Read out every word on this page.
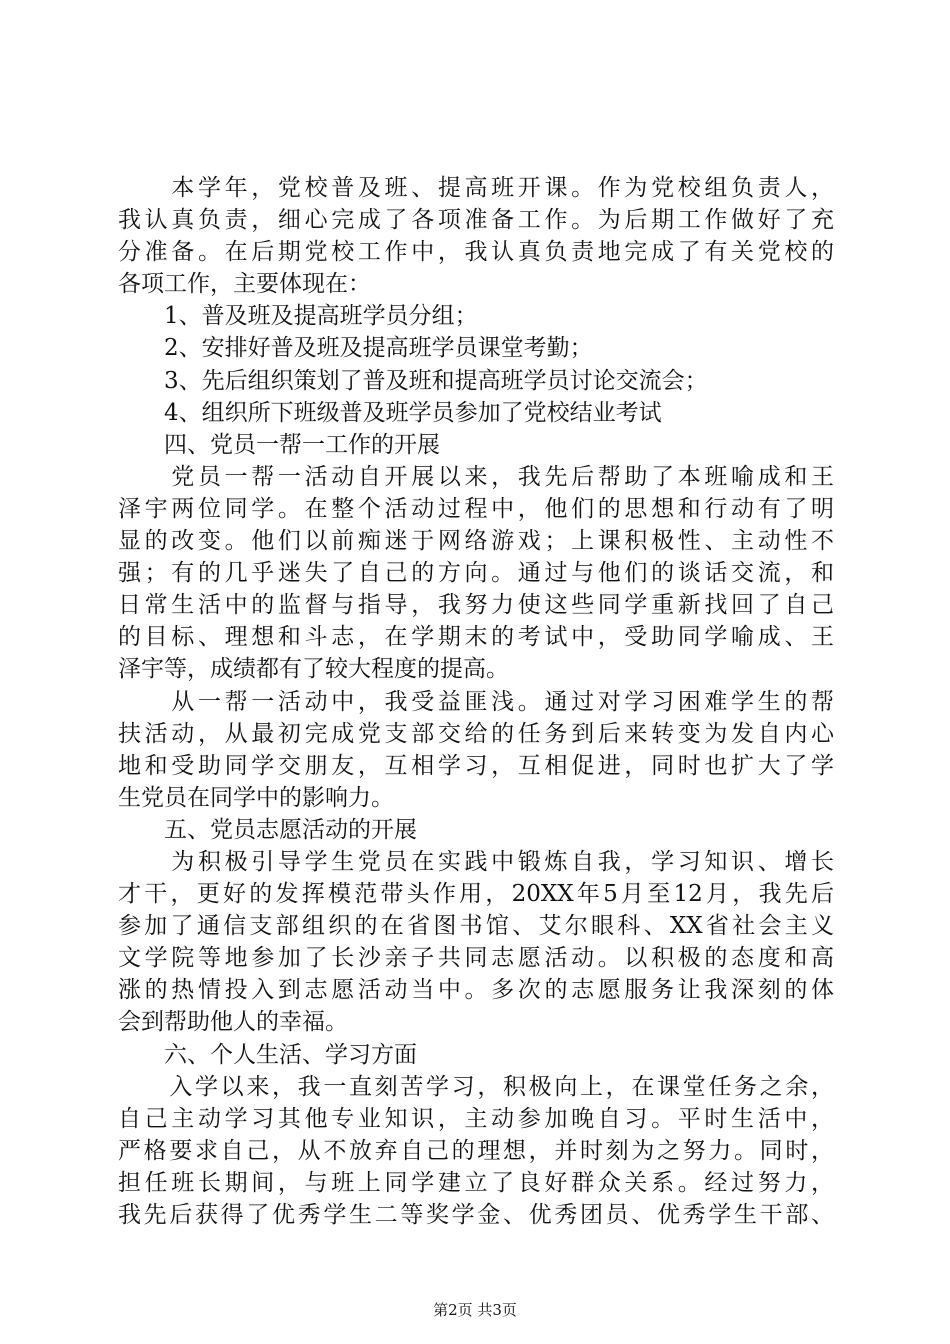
　　本学年，党校普及班、提高班开课。作为党校组负责人，
我认真负责，细心完成了各项准备工作。为后期工作做好了充
分准备。在后期党校工作中，我认真负责地完成了有关党校的
各项工作，主要体现在：
　　1、普及班及提高班学员分组；
　　2、安排好普及班及提高班学员课堂考勤；
　　3、先后组织策划了普及班和提高班学员讨论交流会；
　　4、组织所下班级普及班学员参加了党校结业考试
　　四、党员一帮一工作的开展
　　党员一帮一活动自开展以来，我先后帮助了本班喻成和王
泽宇两位同学。在整个活动过程中，他们的思想和行动有了明
显的改变。他们以前痴迷于网络游戏；上课积极性、主动性不
强；有的几乎迷失了自己的方向。通过与他们的谈话交流，和
日常生活中的监督与指导，我努力使这些同学重新找回了自己
的目标、理想和斗志，在学期末的考试中，受助同学喻成、王
泽宇等，成绩都有了较大程度的提高。
　　从一帮一活动中，我受益匪浅。通过对学习困难学生的帮
扶活动，从最初完成党支部交给的任务到后来转变为发自内心
地和受助同学交朋友，互相学习，互相促进，同时也扩大了学
生党员在同学中的影响力。
　　五、党员志愿活动的开展
　　为积极引导学生党员在实践中锻炼自我，学习知识、增长
才干，更好的发挥模范带头作用，20XX年5月至12月，我先后
参加了通信支部组织的在省图书馆、艾尔眼科、XX省社会主义
文学院等地参加了长沙亲子共同志愿活动。以积极的态度和高
涨的热情投入到志愿活动当中。多次的志愿服务让我深刻的体
会到帮助他人的幸福。
　　六、个人生活、学习方面
　　入学以来，我一直刻苦学习，积极向上，在课堂任务之余，
自己主动学习其他专业知识，主动参加晚自习。平时生活中，
严格要求自己，从不放弃自己的理想，并时刻为之努力。同时，
担任班长期间，与班上同学建立了良好群众关系。经过努力，
我先后获得了优秀学生二等奖学金、优秀团员、优秀学生干部、
第2页 共3页
